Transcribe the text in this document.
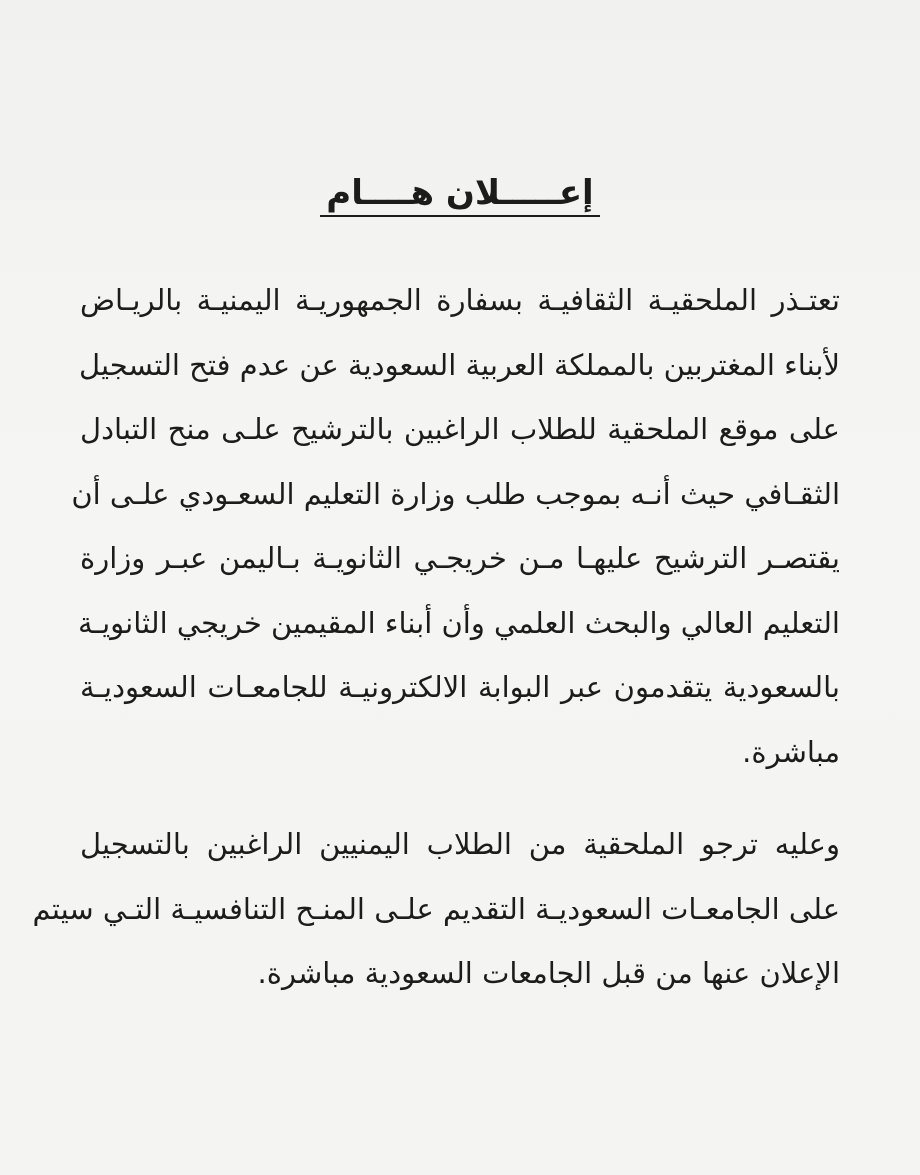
إعـــــلان هــــام
تعتـذر الملحقيـة الثقافيـة بسفارة الجمهوريـة اليمنيـة بالريـاض
لأبناء المغتربين بالمملكة العربية السعودية عن عدم فتح التسجيل
على موقع الملحقية للطلاب الراغبين بالترشيح علـى منح التبادل
الثقـافي حيث أنـه بموجب طلب وزارة التعليم السعـودي علـى أن
يقتصـر الترشيح عليهـا مـن خريجـي الثانويـة بـاليمن عبـر وزارة
التعليم العالي والبحث العلمي وأن أبناء المقيمين خريجي الثانويـة
بالسعودية يتقدمون عبر البوابة الالكترونيـة للجامعـات السعوديـة
مباشرة.
وعليه ترجو الملحقية من الطلاب اليمنيين الراغبين بالتسجيل
على الجامعـات السعوديـة التقديم علـى المنـح التنافسيـة التـي سيتم
الإعلان عنها من قبل الجامعات السعودية مباشرة.
